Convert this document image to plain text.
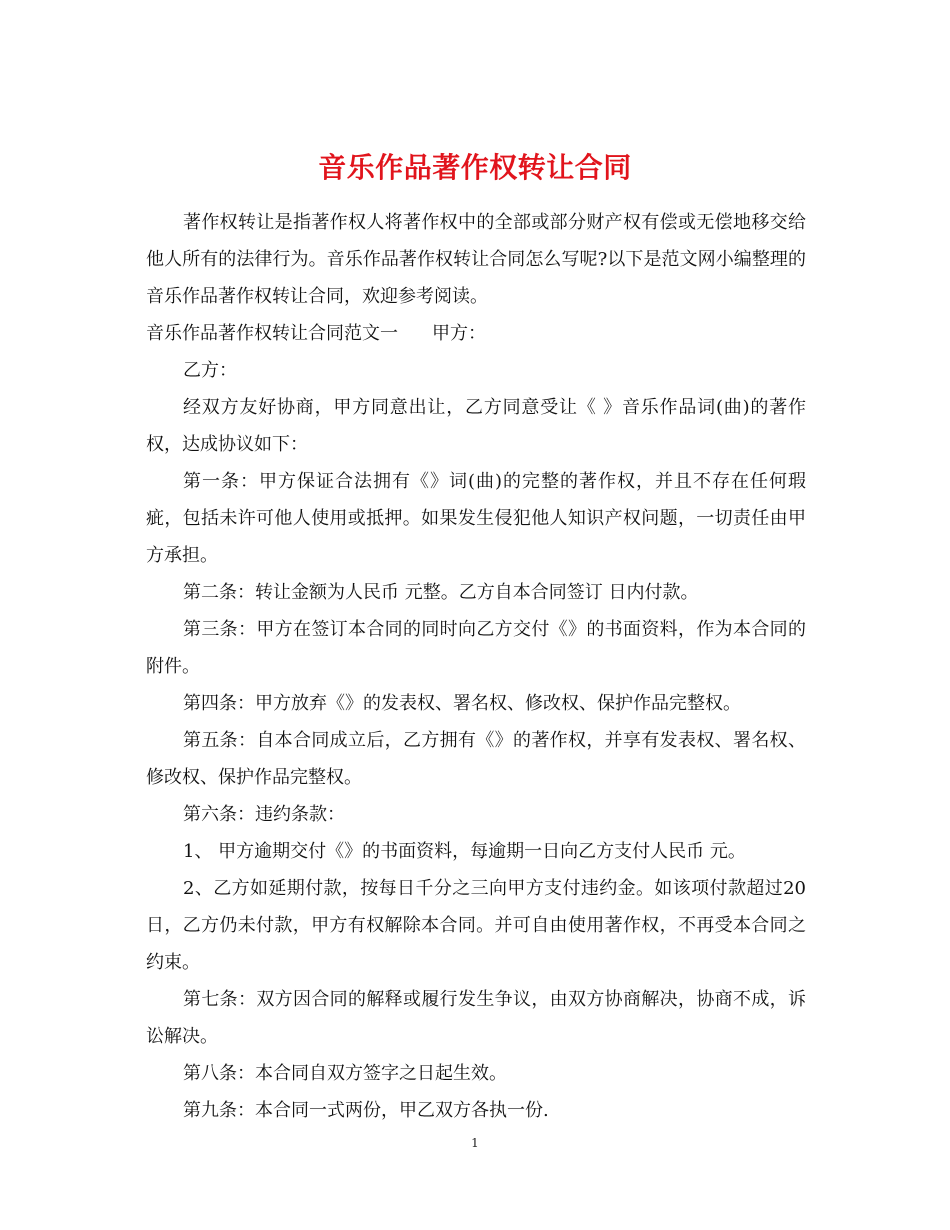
音乐作品著作权转让合同

著作权转让是指著作权人将著作权中的全部或部分财产权有偿或无偿地移交给他人所有的法律行为。音乐作品著作权转让合同怎么写呢?以下是范文网小编整理的音乐作品著作权转让合同，欢迎参考阅读。

音乐作品著作权转让合同范文一 甲方：

乙方：

经双方友好协商，甲方同意出让，乙方同意受让《 》音乐作品词(曲)的著作权，达成协议如下：

第一条：甲方保证合法拥有《》词(曲)的完整的著作权，并且不存在任何瑕疵，包括未许可他人使用或抵押。如果发生侵犯他人知识产权问题，一切责任由甲方承担。

第二条：转让金额为人民币 元整。乙方自本合同签订 日内付款。

第三条：甲方在签订本合同的同时向乙方交付《》的书面资料，作为本合同的附件。

第四条：甲方放弃《》的发表权、署名权、修改权、保护作品完整权。

第五条：自本合同成立后，乙方拥有《》的著作权，并享有发表权、署名权、修改权、保护作品完整权。

第六条：违约条款：

1、 甲方逾期交付《》的书面资料，每逾期一日向乙方支付人民币 元。

2、乙方如延期付款，按每日千分之三向甲方支付违约金。如该项付款超过20日，乙方仍未付款，甲方有权解除本合同。并可自由使用著作权，不再受本合同之约束。

第七条：双方因合同的解释或履行发生争议，由双方协商解决，协商不成，诉讼解决。

第八条：本合同自双方签字之日起生效。

第九条：本合同一式两份，甲乙双方各执一份.

1
